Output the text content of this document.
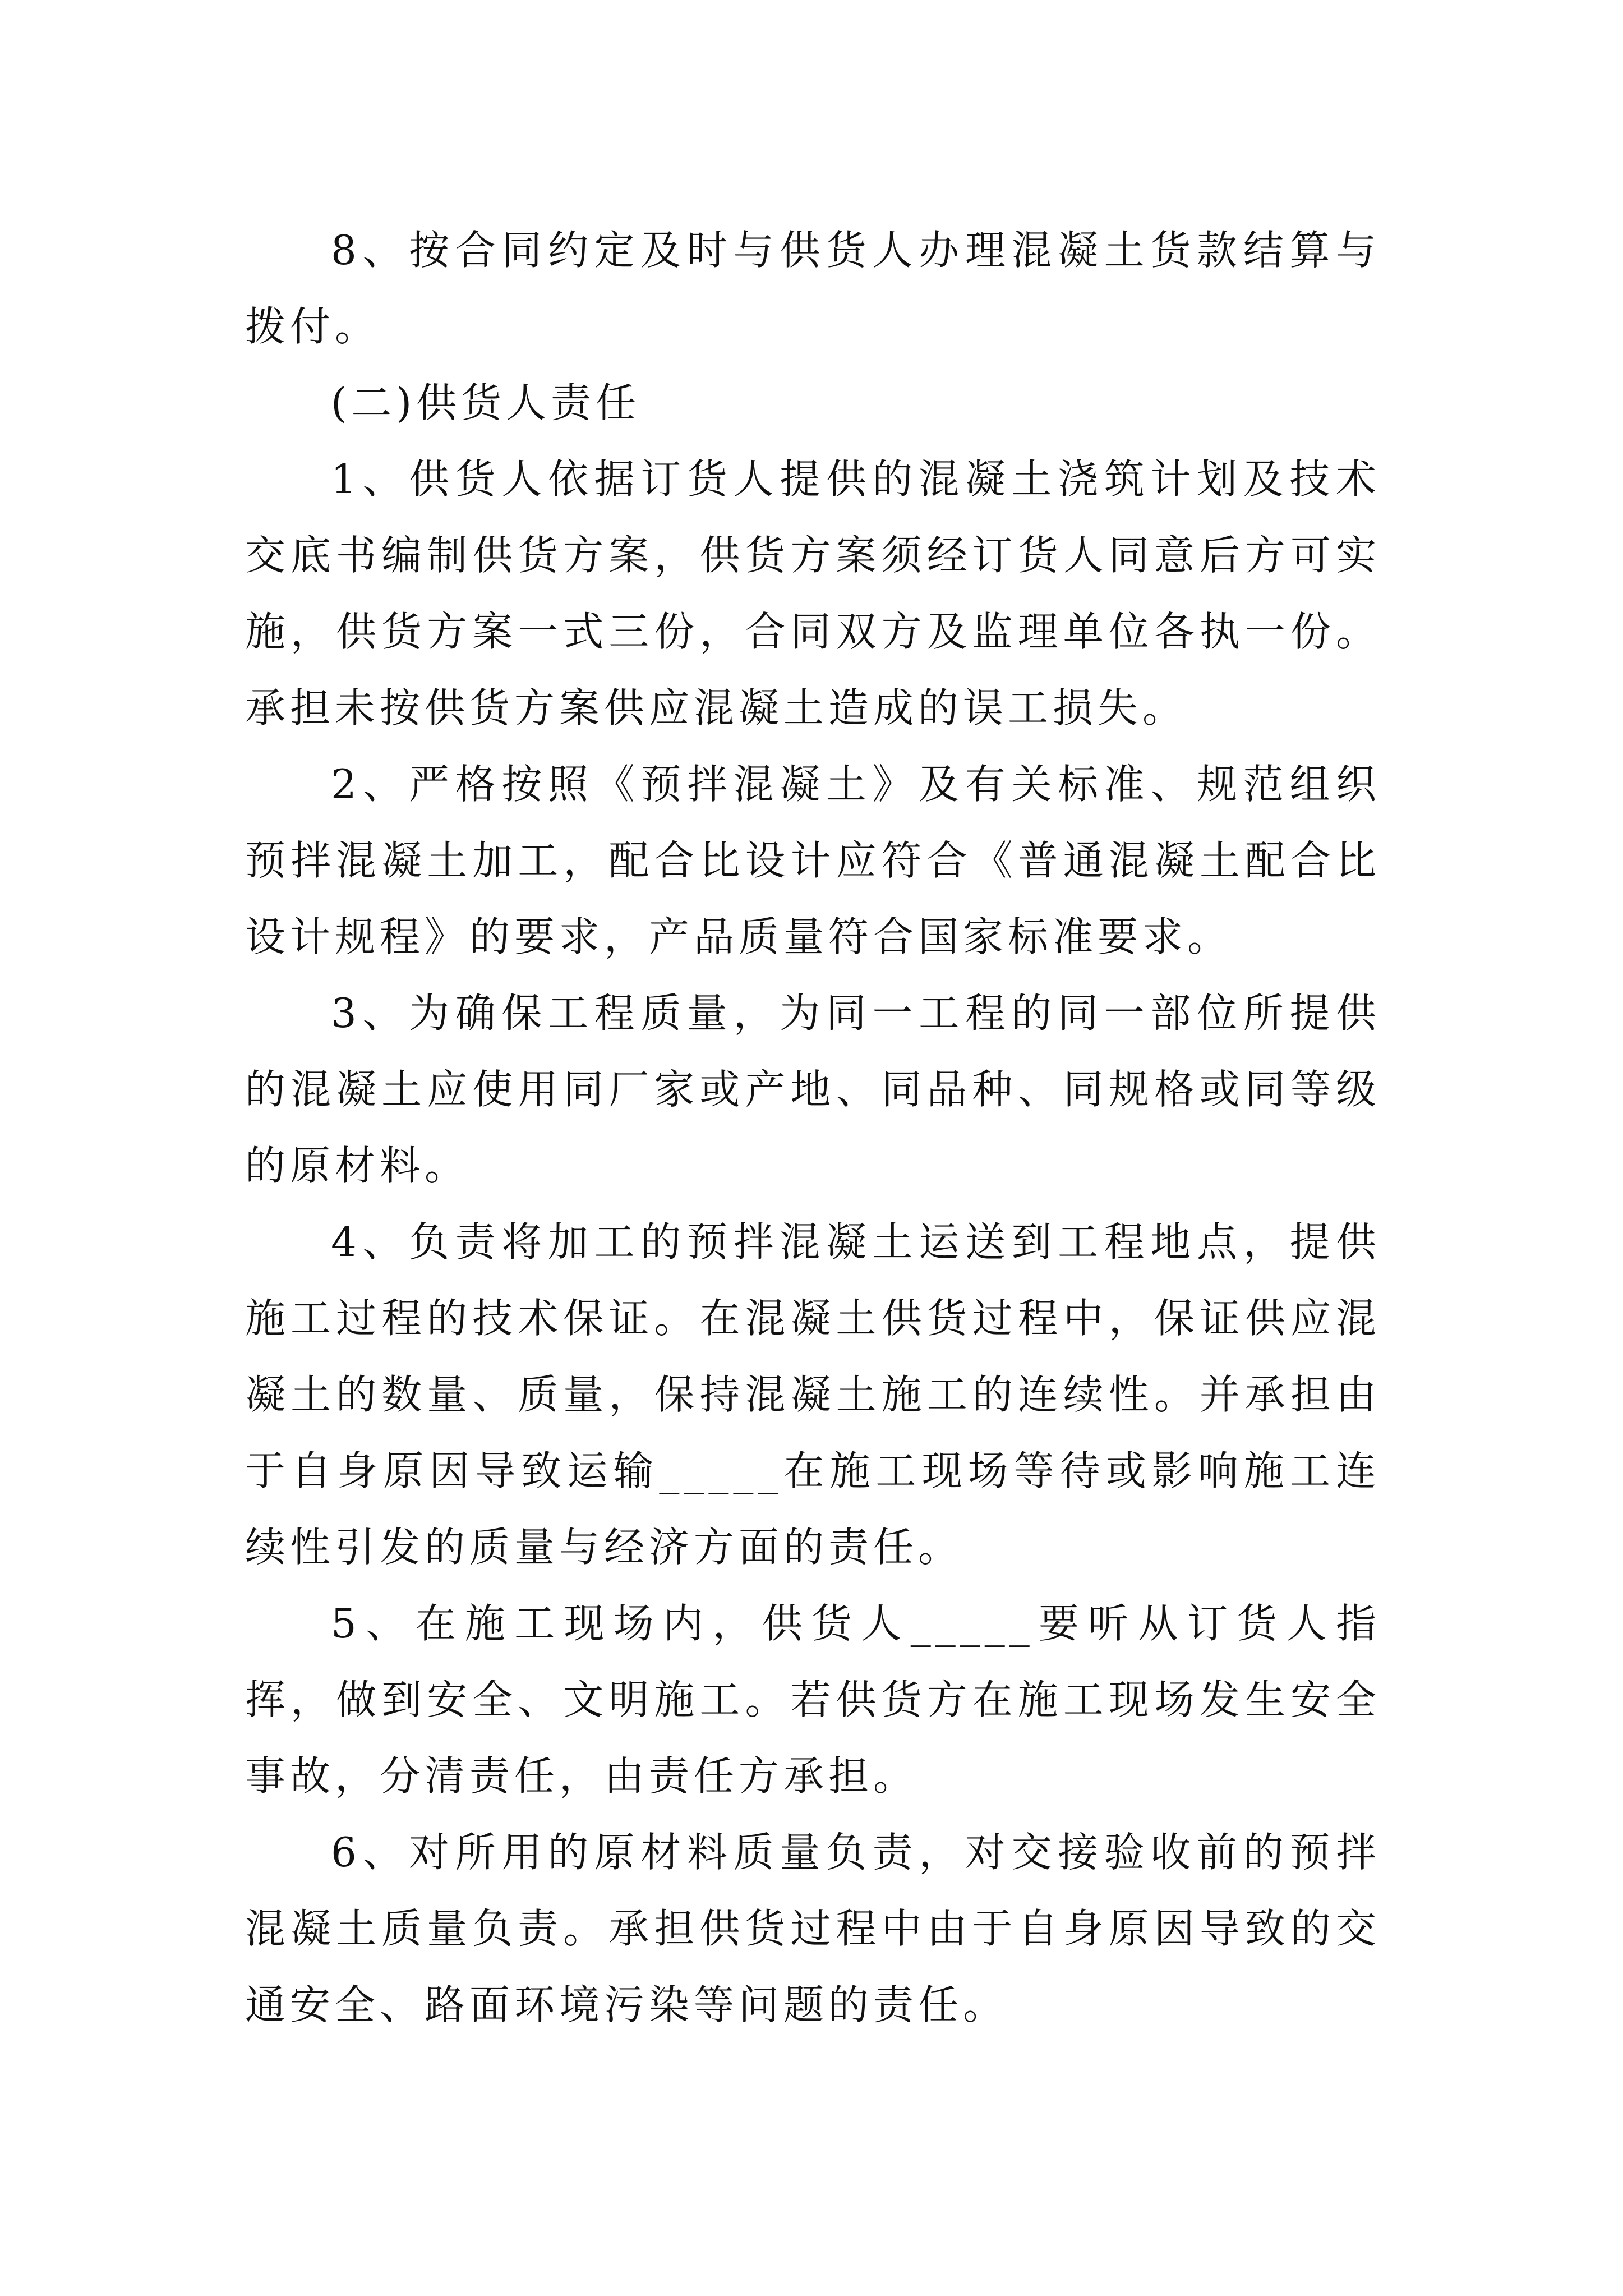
8、按合同约定及时与供货人办理混凝土货款结算与拨付。

(二)供货人责任

1、供货人依据订货人提供的混凝土浇筑计划及技术交底书编制供货方案，供货方案须经订货人同意后方可实施，供货方案一式三份，合同双方及监理单位各执一份。承担未按供货方案供应混凝土造成的误工损失。

2、严格按照《预拌混凝土》及有关标准、规范组织预拌混凝土加工，配合比设计应符合《普通混凝土配合比设计规程》的要求，产品质量符合国家标准要求。

3、为确保工程质量，为同一工程的同一部位所提供的混凝土应使用同厂家或产地、同品种、同规格或同等级的原材料。

4、负责将加工的预拌混凝土运送到工程地点，提供施工过程的技术保证。在混凝土供货过程中，保证供应混凝土的数量、质量，保持混凝土施工的连续性。并承担由于自身原因导致运输_____在施工现场等待或影响施工连续性引发的质量与经济方面的责任。

5、在施工现场内，供货人_____要听从订货人指挥，做到安全、文明施工。若供货方在施工现场发生安全事故，分清责任，由责任方承担。

6、对所用的原材料质量负责，对交接验收前的预拌混凝土质量负责。承担供货过程中由于自身原因导致的交通安全、路面环境污染等问题的责任。
